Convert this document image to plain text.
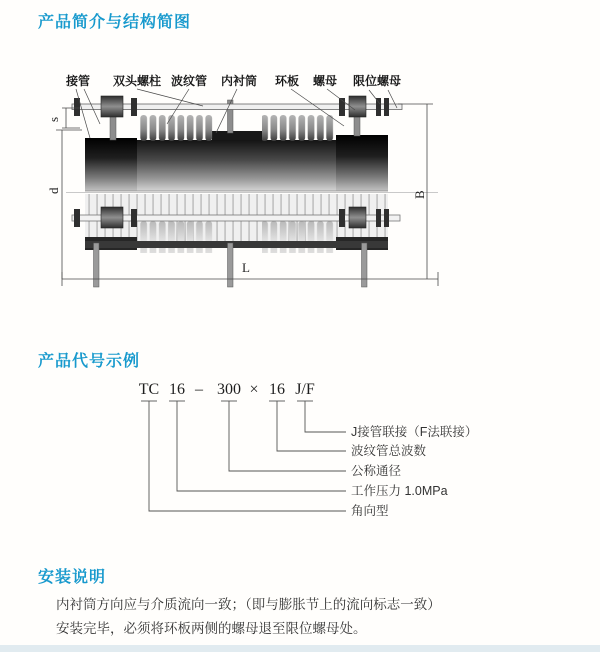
产品简介与结构简图
接管 双头螺柱 波纹管 内衬筒 环板 螺母 限位螺母
s
d	B
L
产品代号示例
TC 16 – 300 × 16 J/F
J接管联接（F法联接）
波纹管总波数
公称通径
工作压力 1.0MPa
角向型
安装说明

内衬筒方向应与介质流向一致；（即与膨胀节上的流向标志一致）

安装完毕，必须将环板两侧的螺母退至限位螺母处。
